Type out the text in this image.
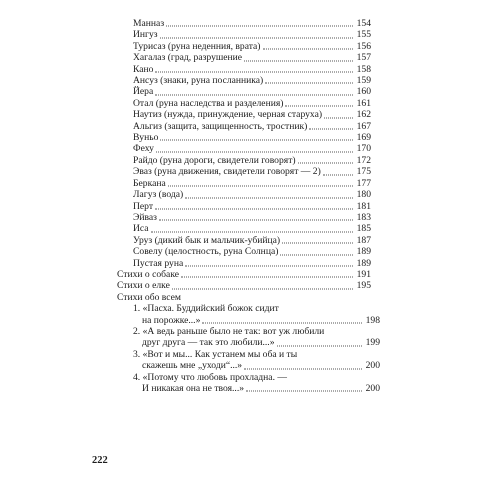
Манназ	154
Ингуз	155
Турисаз (руна неденния, врата)	156
Хагалаз (град, разрушение	157
Кано	158
Ансуз (знаки, руна посланника)	159
Йера	160
Отал (руна наследства и разделения)	161
Наутиз (нужда, принуждение, черная старуха)	162
Альгиз (защита, защищенность, тростник)	167
Вуньо	169
Феху	170
Райдо (руна дороги, свидетели говорят)	172
Эваз (руна движения, свидетели говорят — 2)	175
Беркана	177
Лагуз (вода)	180
Перт	181
Эйваз	183
Иса	185
Уруз (дикий бык и мальчик-убийца)	187
Совелу (целостность, руна Солнца)	189
Пустая руна	189
Стихи о собаке	191
Стихи о елке	195
Стихи обо всем
1. «Пасха. Буддийский божок сидит
на порожке...»	198
2. «А ведь раньше было не так: вот уж любили
друг друга — так это любили...»	199
3. «Вот и мы... Как устанем мы оба и ты
скажешь мне „уходи“...»	200
4. «Потому что любовь прохладна. —
И никакая она не твоя...»	200
222
